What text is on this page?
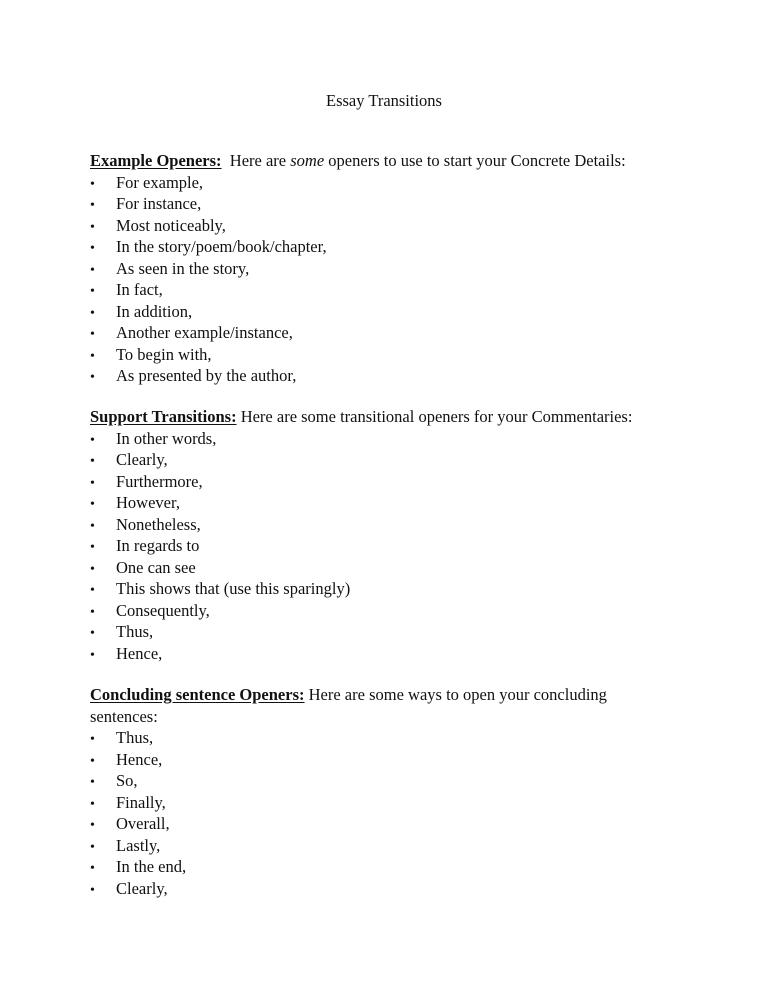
Essay Transitions
Example Openers:  Here are some openers to use to start your Concrete Details:
•
For example,
•
For instance,
•
Most noticeably,
•
In the story/poem/book/chapter,
•
As seen in the story,
•
In fact,
•
In addition,
•
Another example/instance,
•
To begin with,
•
As presented by the author,
Support Transitions: Here are some transitional openers for your Commentaries:
•
In other words,
•
Clearly,
•
Furthermore,
•
However,
•
Nonetheless,
•
In regards to
•
One can see
•
This shows that (use this sparingly)
•
Consequently,
•
Thus,
•
Hence,
Concluding sentence Openers: Here are some ways to open your concluding sentences:
•
Thus,
•
Hence,
•
So,
•
Finally,
•
Overall,
•
Lastly,
•
In the end,
•
Clearly,
